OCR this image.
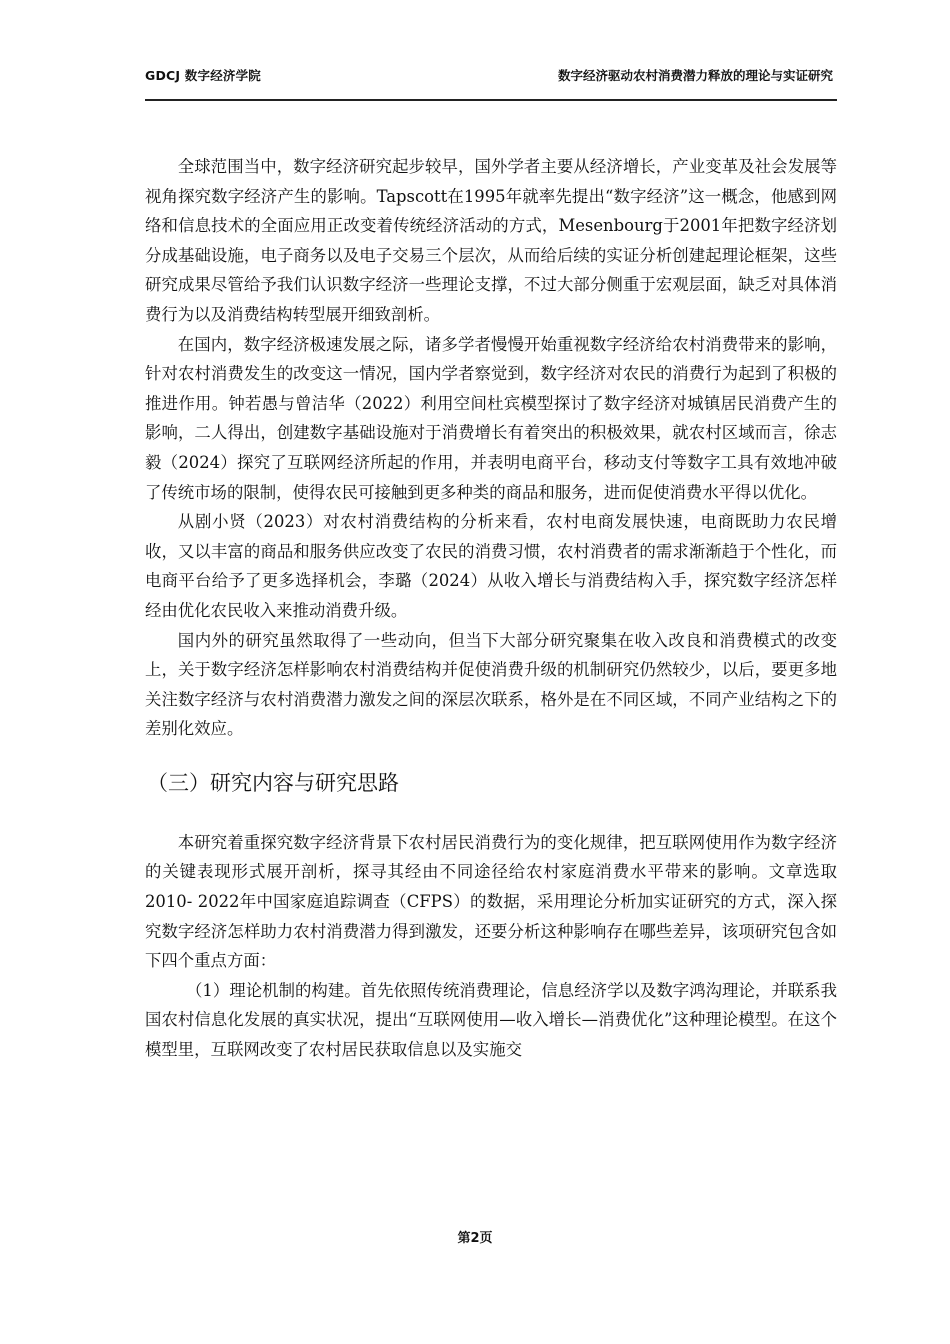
GDCJ 数字经济学院	数字经济驱动农村消费潜力释放的理论与实证研究

全球范围当中，数字经济研究起步较早，国外学者主要从经济增长，产业变革及社会发展等视角探究数字经济产生的影响。Tapscott在1995年就率先提出“数字经济”这一概念，他感到网络和信息技术的全面应用正改变着传统经济活动的方式，Mesenbourg于2001年把数字经济划分成基础设施，电子商务以及电子交易三个层次，从而给后续的实证分析创建起理论框架，这些研究成果尽管给予我们认识数字经济一些理论支撑，不过大部分侧重于宏观层面，缺乏对具体消费行为以及消费结构转型展开细致剖析。

在国内，数字经济极速发展之际，诸多学者慢慢开始重视数字经济给农村消费带来的影响，针对农村消费发生的改变这一情况，国内学者察觉到，数字经济对农民的消费行为起到了积极的推进作用。钟若愚与曾洁华（2022）利用空间杜宾模型探讨了数字经济对城镇居民消费产生的影响，二人得出，创建数字基础设施对于消费增长有着突出的积极效果，就农村区域而言，徐志毅（2024）探究了互联网经济所起的作用，并表明电商平台，移动支付等数字工具有效地冲破了传统市场的限制，使得农民可接触到更多种类的商品和服务，进而促使消费水平得以优化。

从剧小贤（2023）对农村消费结构的分析来看，农村电商发展快速，电商既助力农民增收，又以丰富的商品和服务供应改变了农民的消费习惯，农村消费者的需求渐渐趋于个性化，而电商平台给予了更多选择机会，李璐（2024）从收入增长与消费结构入手，探究数字经济怎样经由优化农民收入来推动消费升级。

国内外的研究虽然取得了一些动向，但当下大部分研究聚集在收入改良和消费模式的改变上，关于数字经济怎样影响农村消费结构并促使消费升级的机制研究仍然较少，以后，要更多地关注数字经济与农村消费潜力激发之间的深层次联系，格外是在不同区域，不同产业结构之下的差别化效应。

（三）研究内容与研究思路

本研究着重探究数字经济背景下农村居民消费行为的变化规律，把互联网使用作为数字经济的关键表现形式展开剖析，探寻其经由不同途径给农村家庭消费水平带来的影响。文章选取2010- 2022年中国家庭追踪调查（CFPS）的数据，采用理论分析加实证研究的方式，深入探究数字经济怎样助力农村消费潜力得到激发，还要分析这种影响存在哪些差异，该项研究包含如下四个重点方面：

（1）理论机制的构建。首先依照传统消费理论，信息经济学以及数字鸿沟理论，并联系我国农村信息化发展的真实状况，提出“互联网使用—收入增长—消费优化”这种理论模型。在这个模型里，互联网改变了农村居民获取信息以及实施交

第2页
